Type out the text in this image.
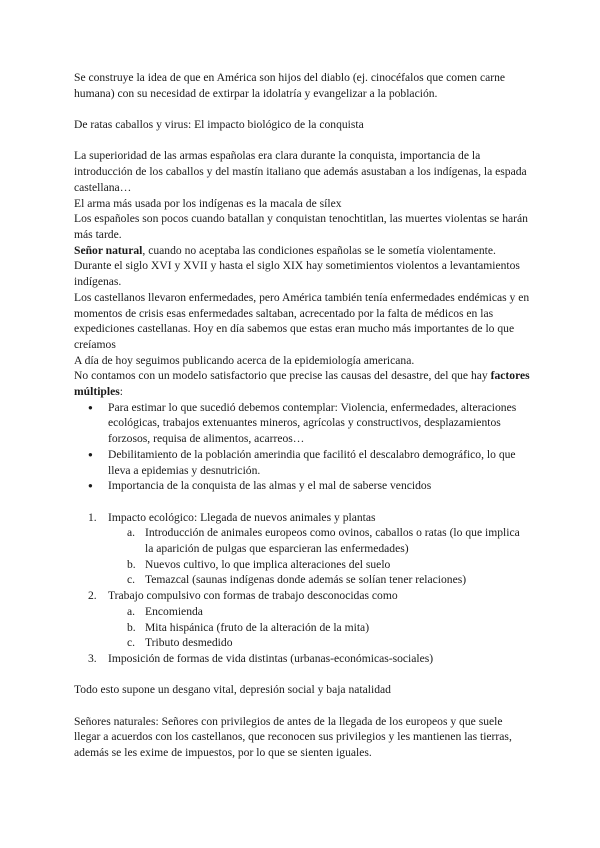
Se construye la idea de que en América son hijos del diablo (ej. cinocéfalos que comen carne humana) con su necesidad de extirpar la idolatría y evangelizar a la población.

De ratas caballos y virus: El impacto biológico de la conquista

La superioridad de las armas españolas era clara durante la conquista, importancia de la introducción de los caballos y del mastín italiano que además asustaban a los indígenas, la espada castellana…

El arma más usada por los indígenas es la macala de sílex

Los españoles son pocos cuando batallan y conquistan tenochtitlan, las muertes violentas se harán más tarde.

Señor natural, cuando no aceptaba las condiciones españolas se le sometía violentamente.

Durante el siglo XVI y XVII y hasta el siglo XIX hay sometimientos violentos a levantamientos indígenas.

Los castellanos llevaron enfermedades, pero América también tenía enfermedades endémicas y en momentos de crisis esas enfermedades saltaban, acrecentado por la falta de médicos en las expediciones castellanas. Hoy en día sabemos que estas eran mucho más importantes de lo que creíamos

A día de hoy seguimos publicando acerca de la epidemiología americana.

No contamos con un modelo satisfactorio que precise las causas del desastre, del que hay factores múltiples:

● Para estimar lo que sucedió debemos contemplar: Violencia, enfermedades, alteraciones ecológicas, trabajos extenuantes mineros, agrícolas y constructivos, desplazamientos forzosos, requisa de alimentos, acarreos…
● Debilitamiento de la población amerindia que facilitó el descalabro demográfico, lo que lleva a epidemias y desnutrición.
● Importancia de la conquista de las almas y el mal de saberse vencidos
1. Impacto ecológico: Llegada de nuevos animales y plantas
a. Introducción de animales europeos como ovinos, caballos o ratas (lo que implica la aparición de pulgas que esparcieran las enfermedades)
b. Nuevos cultivo, lo que implica alteraciones del suelo
c. Temazcal (saunas indígenas donde además se solían tener relaciones)
2. Trabajo compulsivo con formas de trabajo desconocidas como
a. Encomienda
b. Mita hispánica (fruto de la alteración de la mita)
c. Tributo desmedido
3. Imposición de formas de vida distintas (urbanas-económicas-sociales)

Todo esto supone un desgano vital, depresión social y baja natalidad

Señores naturales: Señores con privilegios de antes de la llegada de los europeos y que suele llegar a acuerdos con los castellanos, que reconocen sus privilegios y les mantienen las tierras, además se les exime de impuestos, por lo que se sienten iguales.
